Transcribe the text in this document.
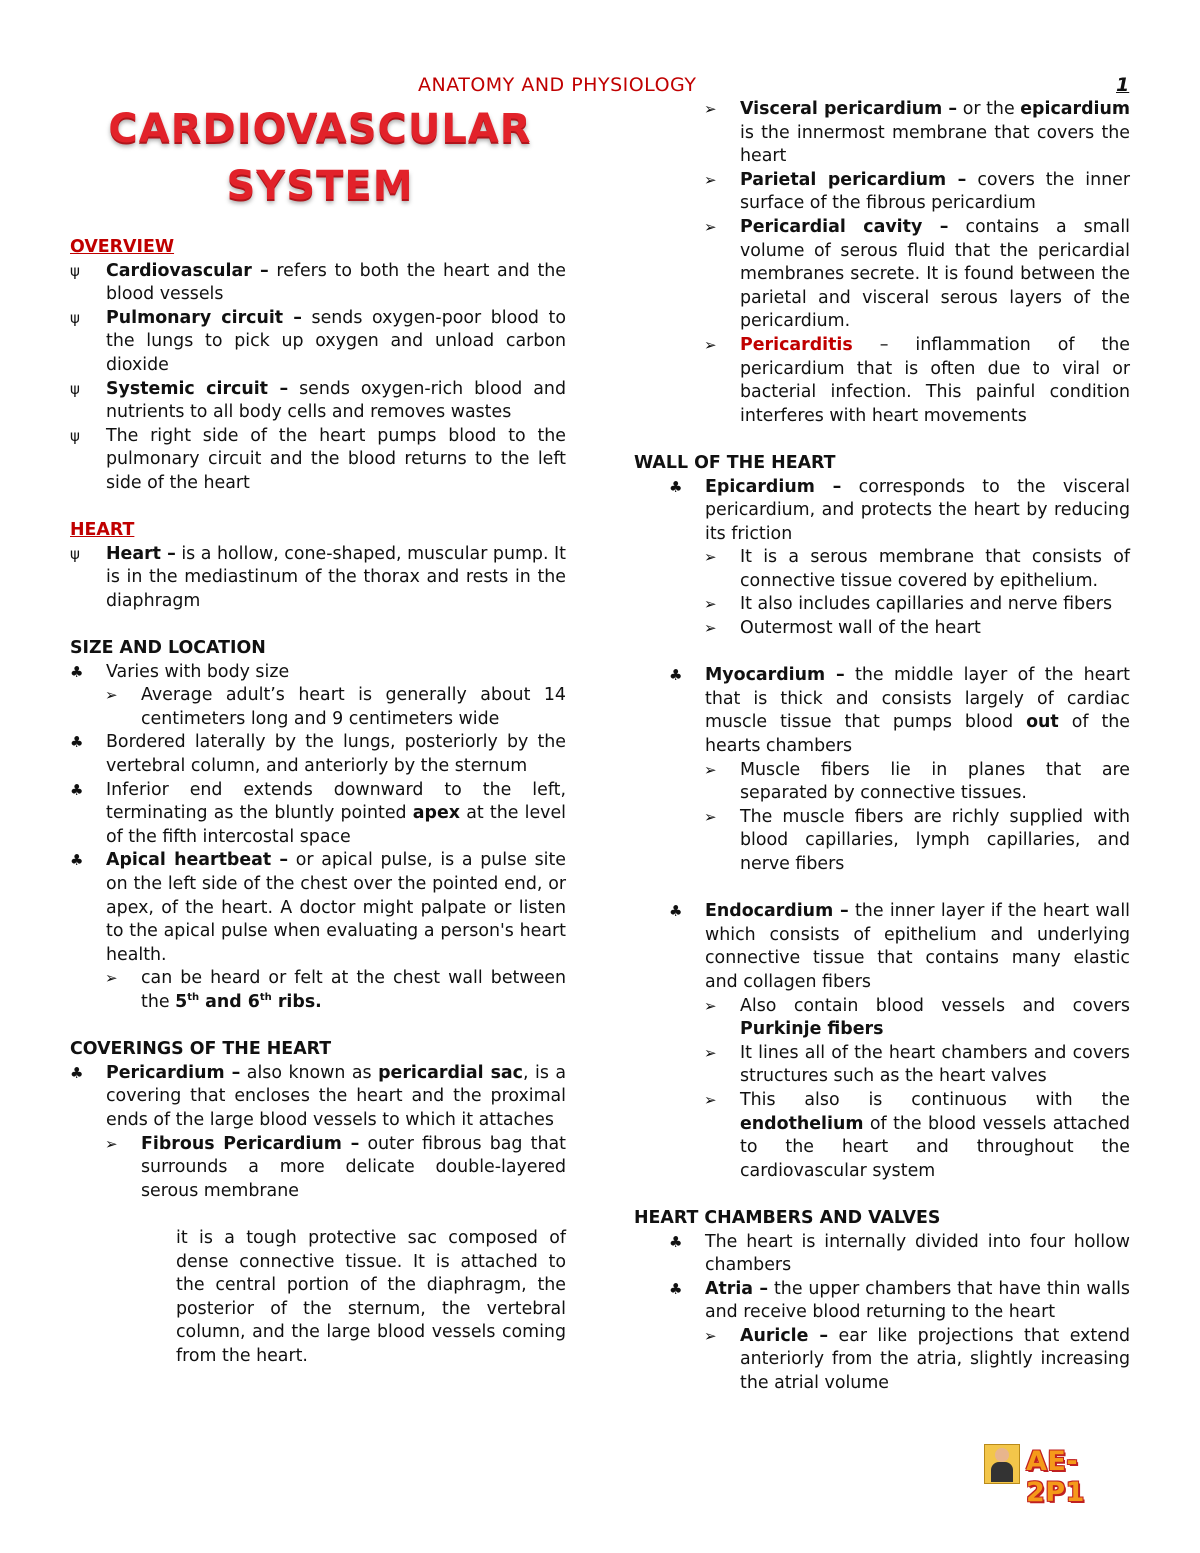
ANATOMY AND PHYSIOLOGY	1
CARDIOVASCULAR
SYSTEM
OVERVIEW
ψ Cardiovascular – refers to both the heart and the blood vessels
ψ Pulmonary circuit – sends oxygen-poor blood to the lungs to pick up oxygen and unload carbon dioxide
ψ Systemic circuit – sends oxygen-rich blood and nutrients to all body cells and removes wastes
ψ The right side of the heart pumps blood to the pulmonary circuit and the blood returns to the left side of the heart
HEART
ψ Heart – is a hollow, cone-shaped, muscular pump. It is in the mediastinum of the thorax and rests in the diaphragm
SIZE AND LOCATION
♣ Varies with body size
➢ Average adult’s heart is generally about 14 centimeters long and 9 centimeters wide
♣ Bordered laterally by the lungs, posteriorly by the vertebral column, and anteriorly by the sternum
♣ Inferior end extends downward to the left, terminating as the bluntly pointed apex at the level of the fifth intercostal space
♣ Apical heartbeat – or apical pulse, is a pulse site on the left side of the chest over the pointed end, or apex, of the heart. A doctor might palpate or listen to the apical pulse when evaluating a person's heart health.
➢ can be heard or felt at the chest wall between the 5th and 6th ribs.
COVERINGS OF THE HEART
♣ Pericardium – also known as pericardial sac, is a covering that encloses the heart and the proximal ends of the large blood vessels to which it attaches
➢ Fibrous Pericardium – outer fibrous bag that surrounds a more delicate double-layered serous membrane
it is a tough protective sac composed of dense connective tissue. It is attached to the central portion of the diaphragm, the posterior of the sternum, the vertebral column, and the large blood vessels coming from the heart.
➢ Visceral pericardium – or the epicardium is the innermost membrane that covers the heart
➢ Parietal pericardium – covers the inner surface of the fibrous pericardium
➢ Pericardial cavity – contains a small volume of serous fluid that the pericardial membranes secrete. It is found between the parietal and visceral serous layers of the pericardium.
➢ Pericarditis – inflammation of the pericardium that is often due to viral or bacterial infection. This painful condition interferes with heart movements
WALL OF THE HEART
♣ Epicardium – corresponds to the visceral pericardium, and protects the heart by reducing its friction
➢ It is a serous membrane that consists of connective tissue covered by epithelium.
➢ It also includes capillaries and nerve fibers
➢ Outermost wall of the heart
♣ Myocardium – the middle layer of the heart that is thick and consists largely of cardiac muscle tissue that pumps blood out of the hearts chambers
➢ Muscle fibers lie in planes that are separated by connective tissues.
➢ The muscle fibers are richly supplied with blood capillaries, lymph capillaries, and nerve fibers
♣ Endocardium – the inner layer if the heart wall which consists of epithelium and underlying connective tissue that contains many elastic and collagen fibers
➢ Also contain blood vessels and covers Purkinje fibers
➢ It lines all of the heart chambers and covers structures such as the heart valves
➢ This also is continuous with the endothelium of the blood vessels attached to the heart and throughout the cardiovascular system
HEART CHAMBERS AND VALVES
♣ The heart is internally divided into four hollow chambers
♣ Atria – the upper chambers that have thin walls and receive blood returning to the heart
➢ Auricle – ear like projections that extend anteriorly from the atria, slightly increasing the atrial volume
AE-2P1
